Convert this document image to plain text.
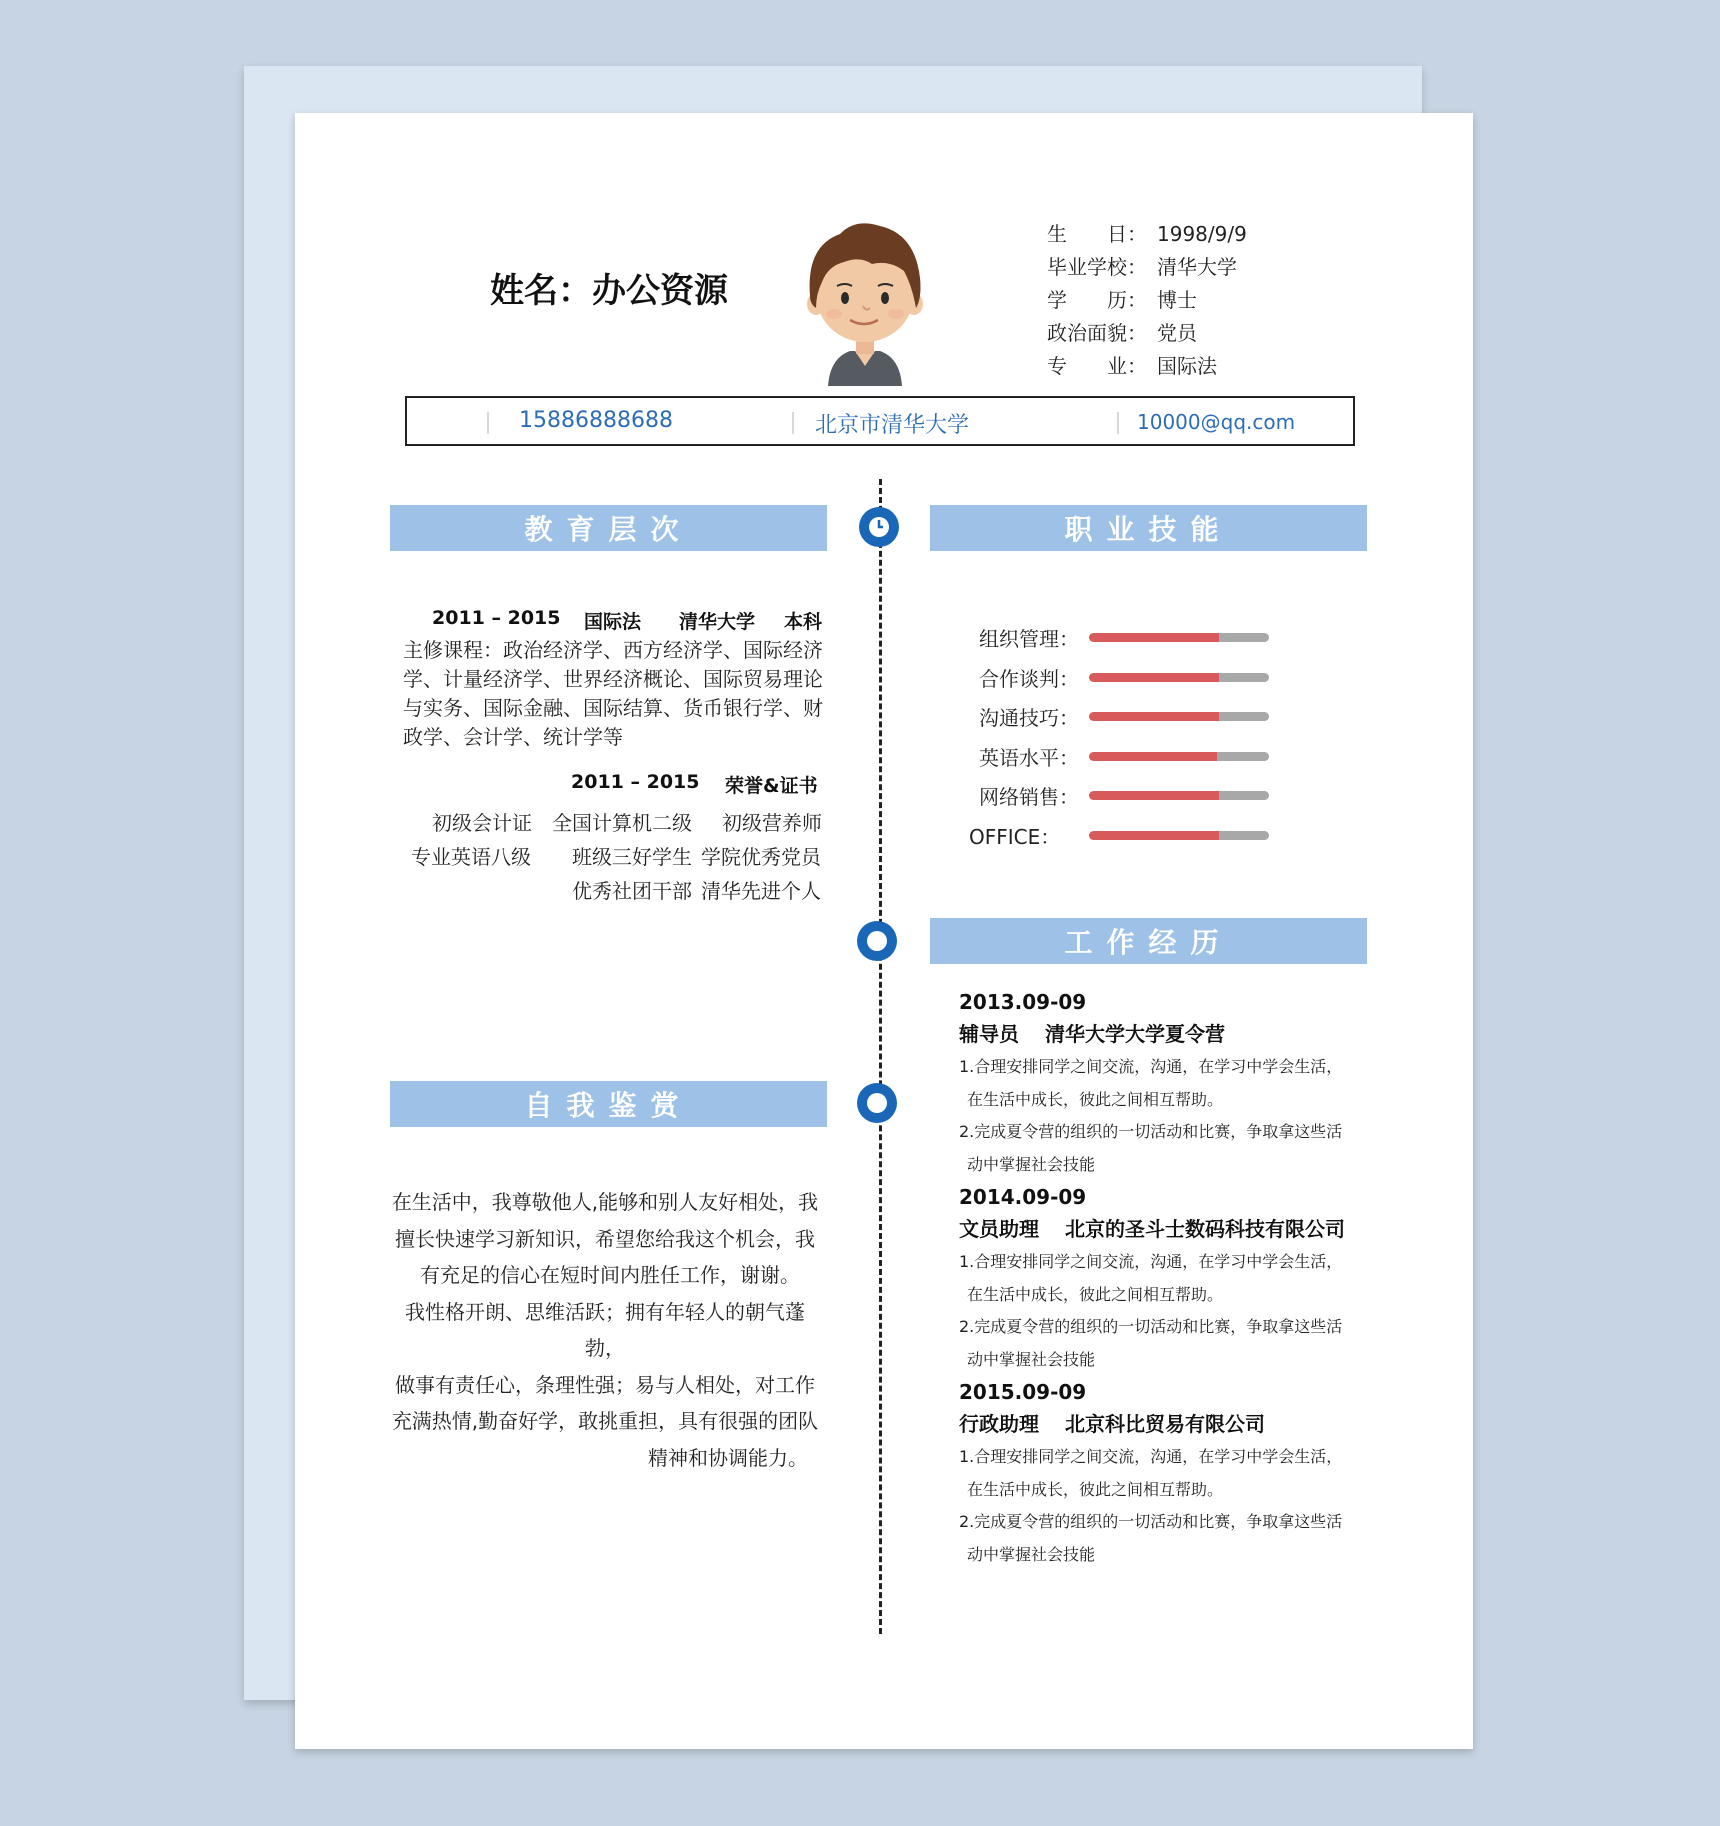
姓名：办公资源
生　　日： 1998/9/9
毕业学校： 清华大学
学　　历： 博士
政治面貌： 党员
专　　业： 国际法
15886888688	北京市清华大学	10000@qq.com
教育层次
2011 – 2015 国际法 清华大学 本科
主修课程：政治经济学、西方经济学、国际经济学、计量经济学、世界经济概论、国际贸易理论与实务、国际金融、国际结算、货币银行学、财政学、会计学、统计学等
2011 – 2015 荣誉&证书
初级会计证 全国计算机二级 初级营养师
专业英语八级 班级三好学生 学院优秀党员
优秀社团干部 清华先进个人
自我鉴赏
在生活中，我尊敬他人,能够和别人友好相处，我
擅长快速学习新知识，希望您给我这个机会，我
有充足的信心在短时间内胜任工作，谢谢。
我性格开朗、思维活跃；拥有年轻人的朝气蓬勃，
做事有责任心，条理性强；易与人相处，对工作
充满热情,勤奋好学，敢挑重担，具有很强的团队
精神和协调能力。
职业技能
组织管理：
合作谈判：
沟通技巧：
英语水平：
网络销售：
OFFICE：
工作经历
2013.09-09
辅导员 清华大学大学夏令营
1.合理安排同学之间交流，沟通，在学习中学会生活，
在生活中成长，彼此之间相互帮助。
2.完成夏令营的组织的一切活动和比赛，争取拿这些活
动中掌握社会技能
2014.09-09
文员助理 北京的圣斗士数码科技有限公司
1.合理安排同学之间交流，沟通，在学习中学会生活，
在生活中成长，彼此之间相互帮助。
2.完成夏令营的组织的一切活动和比赛，争取拿这些活
动中掌握社会技能
2015.09-09
行政助理 北京科比贸易有限公司
1.合理安排同学之间交流，沟通，在学习中学会生活，
在生活中成长，彼此之间相互帮助。
2.完成夏令营的组织的一切活动和比赛，争取拿这些活
动中掌握社会技能
